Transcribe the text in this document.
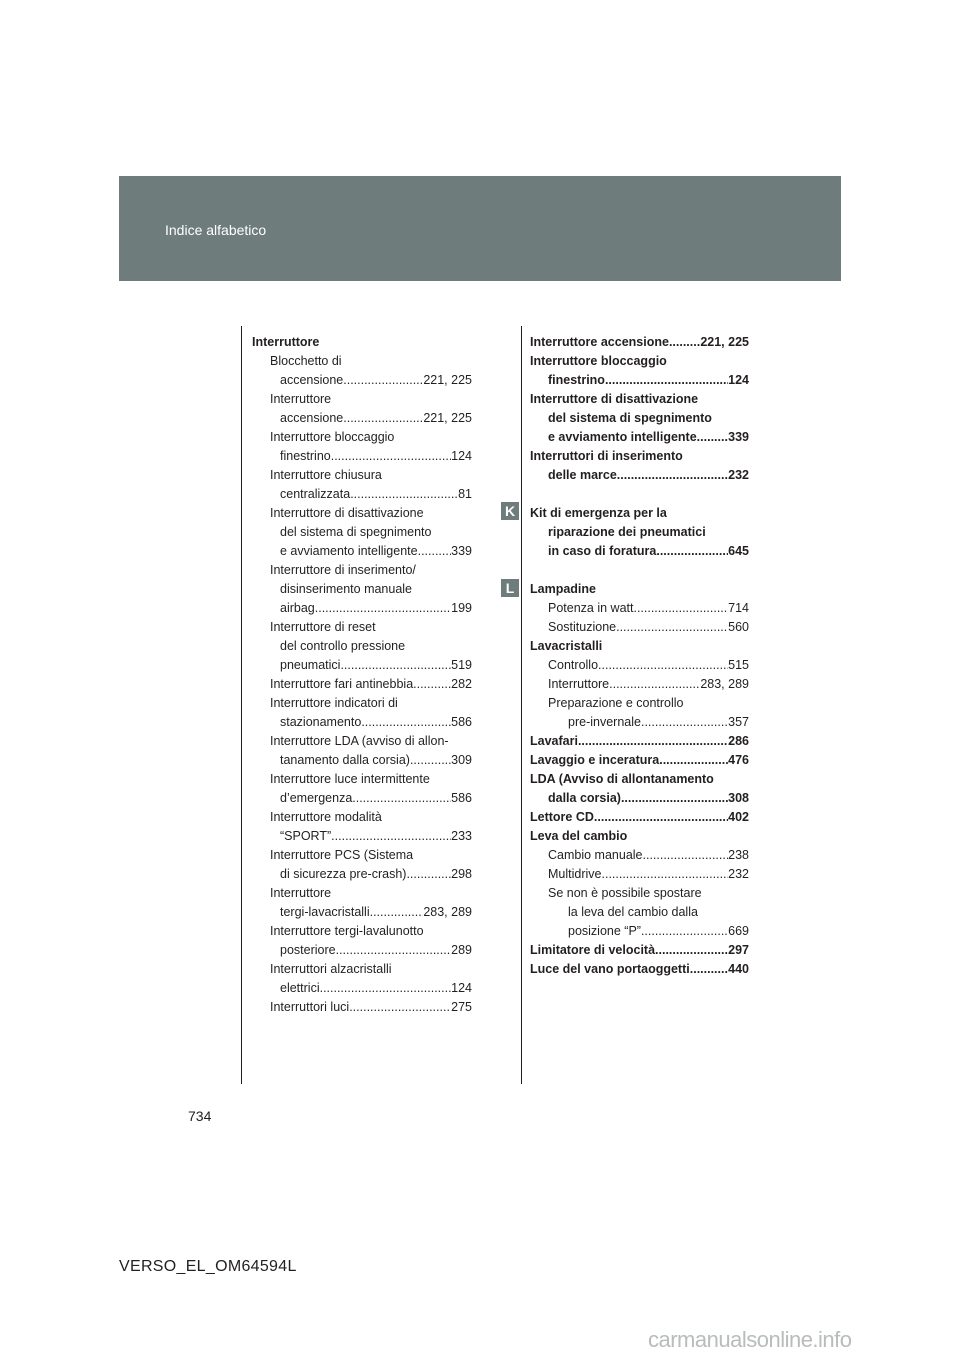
Indice alfabetico
Interruttore
Blocchetto di
accensione .....	221, 225
Interruttore
accensione .....	221, 225
Interruttore bloccaggio
finestrino .....	124
Interruttore chiusura
centralizzata .....	81
Interruttore di disattivazione
del sistema di spegnimento
e avviamento intelligente .....	339
Interruttore di inserimento/
disinserimento manuale
airbag .....	199
Interruttore di reset
del controllo pressione
pneumatici .....	519
Interruttore fari antinebbia .....	282
Interruttore indicatori di
stazionamento .....	586
Interruttore LDA (avviso di allon-
tanamento dalla corsia) .....	309
Interruttore luce intermittente
d’emergenza .....	586
Interruttore modalità
“SPORT” .....	233
Interruttore PCS (Sistema
di sicurezza pre-crash) .....	298
Interruttore
tergi-lavacristalli .....	283, 289
Interruttore tergi-lavalunotto
posteriore .....	289
Interruttori alzacristalli
elettrici .....	124
Interruttori luci .....	275
Interruttore accensione .....	221, 225
Interruttore bloccaggio
finestrino .....	124
Interruttore di disattivazione
del sistema di spegnimento
e avviamento intelligente .....	339
Interruttori di inserimento
delle marce .....	232
Kit di emergenza per la
riparazione dei pneumatici
in caso di foratura .....	645
Lampadine
Potenza in watt .....	714
Sostituzione .....	560
Lavacristalli
Controllo .....	515
Interruttore .....	283, 289
Preparazione e controllo
pre-invernale .....	357
Lavafari .....	286
Lavaggio e inceratura .....	476
LDA (Avviso di allontanamento
dalla corsia) .....	308
Lettore CD .....	402
Leva del cambio
Cambio manuale .....	238
Multidrive .....	232
Se non è possibile spostare
la leva del cambio dalla
posizione “P” .....	669
Limitatore di velocità .....	297
Luce del vano portaoggetti .....	440
K
L
734
VERSO_EL_OM64594L
carmanualsonline.info
